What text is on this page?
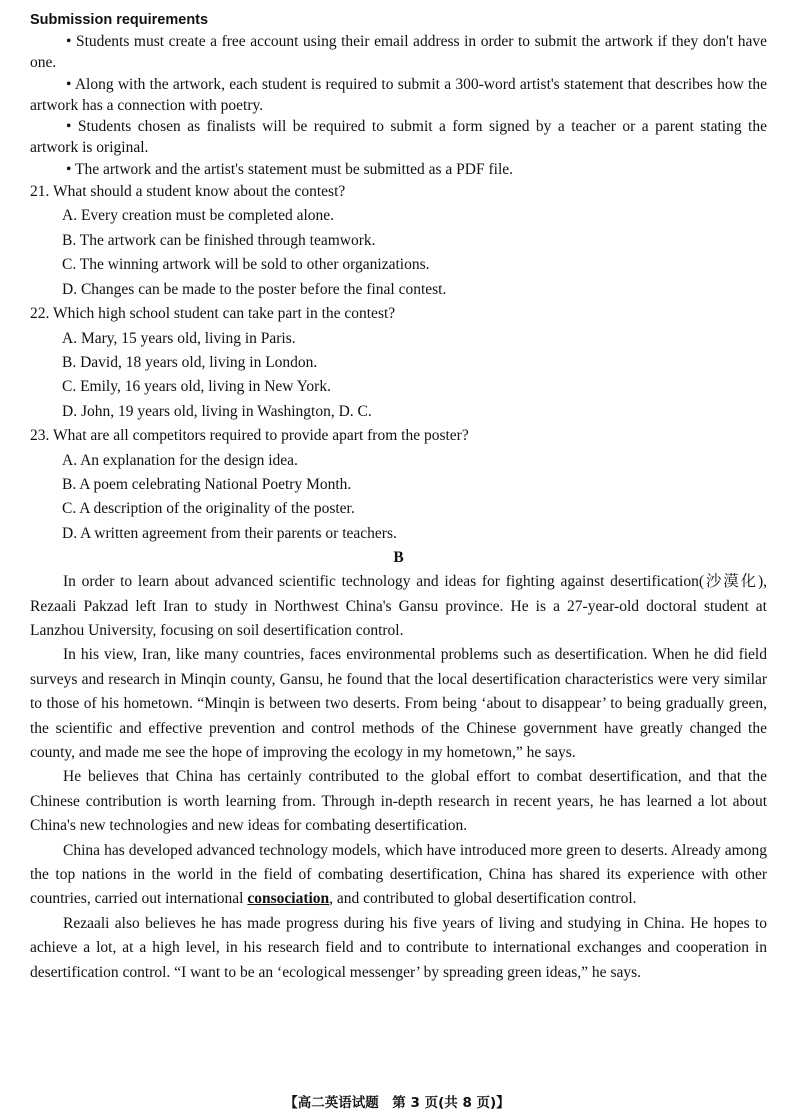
Submission requirements

• Students must create a free account using their email address in order to submit the artwork if they don't have one.

• Along with the artwork, each student is required to submit a 300-word artist's statement that describes how the artwork has a connection with poetry.

• Students chosen as finalists will be required to submit a form signed by a teacher or a parent stating the artwork is original.

• The artwork and the artist's statement must be submitted as a PDF file.

21. What should a student know about the contest?

A. Every creation must be completed alone.

B. The artwork can be finished through teamwork.

C. The winning artwork will be sold to other organizations.

D. Changes can be made to the poster before the final contest.

22. Which high school student can take part in the contest?

A. Mary, 15 years old, living in Paris.

B. David, 18 years old, living in London.

C. Emily, 16 years old, living in New York.

D. John, 19 years old, living in Washington, D. C.

23. What are all competitors required to provide apart from the poster?

A. An explanation for the design idea.

B. A poem celebrating National Poetry Month.

C. A description of the originality of the poster.

D. A written agreement from their parents or teachers.

B

In order to learn about advanced scientific technology and ideas for fighting against desertification(沙漠化), Rezaali Pakzad left Iran to study in Northwest China's Gansu province. He is a 27-year-old doctoral student at Lanzhou University, focusing on soil desertification control.

In his view, Iran, like many countries, faces environmental problems such as desertification. When he did field surveys and research in Minqin county, Gansu, he found that the local desertification characteristics were very similar to those of his hometown. “Minqin is between two deserts. From being ‘about to disappear’ to being gradually green, the scientific and effective prevention and control methods of the Chinese government have greatly changed the county, and made me see the hope of improving the ecology in my hometown,” he says.

He believes that China has certainly contributed to the global effort to combat desertification, and that the Chinese contribution is worth learning from. Through in-depth research in recent years, he has learned a lot about China's new technologies and new ideas for combating desertification.

China has developed advanced technology models, which have introduced more green to deserts. Already among the top nations in the world in the field of combating desertification, China has shared its experience with other countries, carried out international consociation, and contributed to global desertification control.

Rezaali also believes he has made progress during his five years of living and studying in China. He hopes to achieve a lot, at a high level, in his research field and to contribute to international exchanges and cooperation in desertification control. “I want to be an ‘ecological messenger’ by spreading green ideas,” he says.

【高二英语试题　第 3 页(共 8 页)】
